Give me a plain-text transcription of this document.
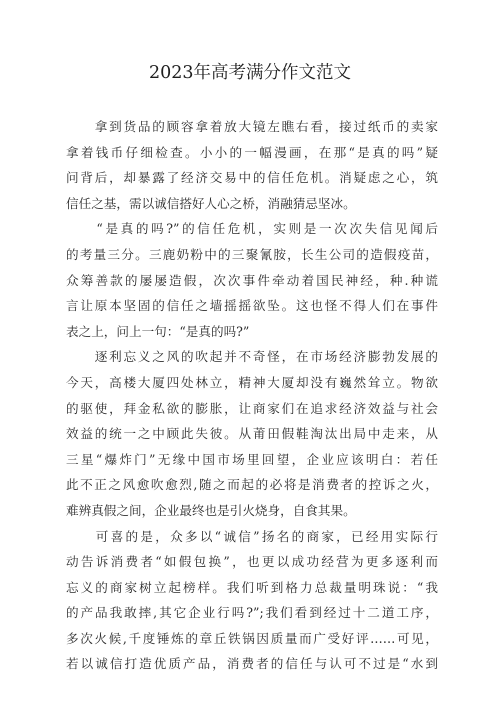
2023年高考满分作文范文
　　拿到货品的顾容拿着放大镜左瞧右看，接过纸币的卖家
拿着钱币仔细检查。小小的一幅漫画，在那“是真的吗”疑
问背后，却暴露了经济交易中的信任危机。消疑虑之心，筑
信任之基，需以诚信搭好人心之桥，消融猜忌坚冰。
　　“是真的吗?”的信任危机，实则是一次次失信见闻后
的考量三分。三鹿奶粉中的三聚氰胺，长生公司的造假疫苗，
众筹善款的屡屡造假，次次事件牵动着国民神经，种.种谎
言让原本坚固的信任之墙摇摇欲坠。这也怪不得人们在事件
表之上，问上一句：“是真的吗?”
　　逐利忘义之风的吹起并不奇怪，在市场经济膨勃发展的
今天，高楼大厦四处林立，精神大厦却没有巍然耸立。物欲
的驱使，拜金私欲的膨胀，让商家们在追求经济效益与社会
效益的统一之中顾此失彼。从莆田假鞋淘汰出局中走来，从
三星“爆炸门”无缘中国市场里回望，企业应该明白：若任
此不正之风愈吹愈烈,随之而起的必将是消费者的控诉之火，
难辨真假之间，企业最终也是引火烧身，自食其果。
　　可喜的是，众多以“诚信”扬名的商家，已经用实际行
动告诉消费者“如假包换”，也更以成功经营为更多逐利而
忘义的商家树立起榜样。我们听到格力总裁量明珠说：“我
的产品我敢摔,其它企业行吗?”;我们看到经过十二道工序，
多次火候,千度锤炼的章丘铁锅因质量而广受好评……可见，
若以诚信打造优质产品，消费者的信任与认可不过是“水到
